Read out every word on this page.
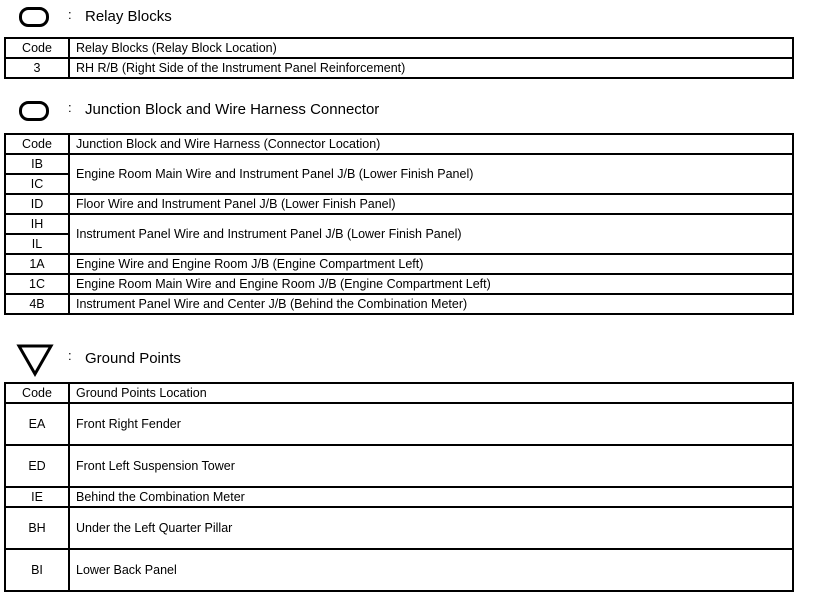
: Relay Blocks
Code	Relay Blocks (Relay Block Location)
3	RH R/B (Right Side of the Instrument Panel Reinforcement)
: Junction Block and Wire Harness Connector
Code	Junction Block and Wire Harness (Connector Location)
IB	Engine Room Main Wire and Instrument Panel J/B (Lower Finish Panel)
IC	
ID	Floor Wire and Instrument Panel J/B (Lower Finish Panel)
IH	Instrument Panel Wire and Instrument Panel J/B (Lower Finish Panel)
IL	
1A	Engine Wire and Engine Room J/B (Engine Compartment Left)
1C	Engine Room Main Wire and Engine Room J/B (Engine Compartment Left)
4B	Instrument Panel Wire and Center J/B (Behind the Combination Meter)
: Ground Points
Code	Ground Points Location
EA	Front Right Fender
ED	Front Left Suspension Tower
IE	Behind the Combination Meter
BH	Under the Left Quarter Pillar
BI	Lower Back Panel
